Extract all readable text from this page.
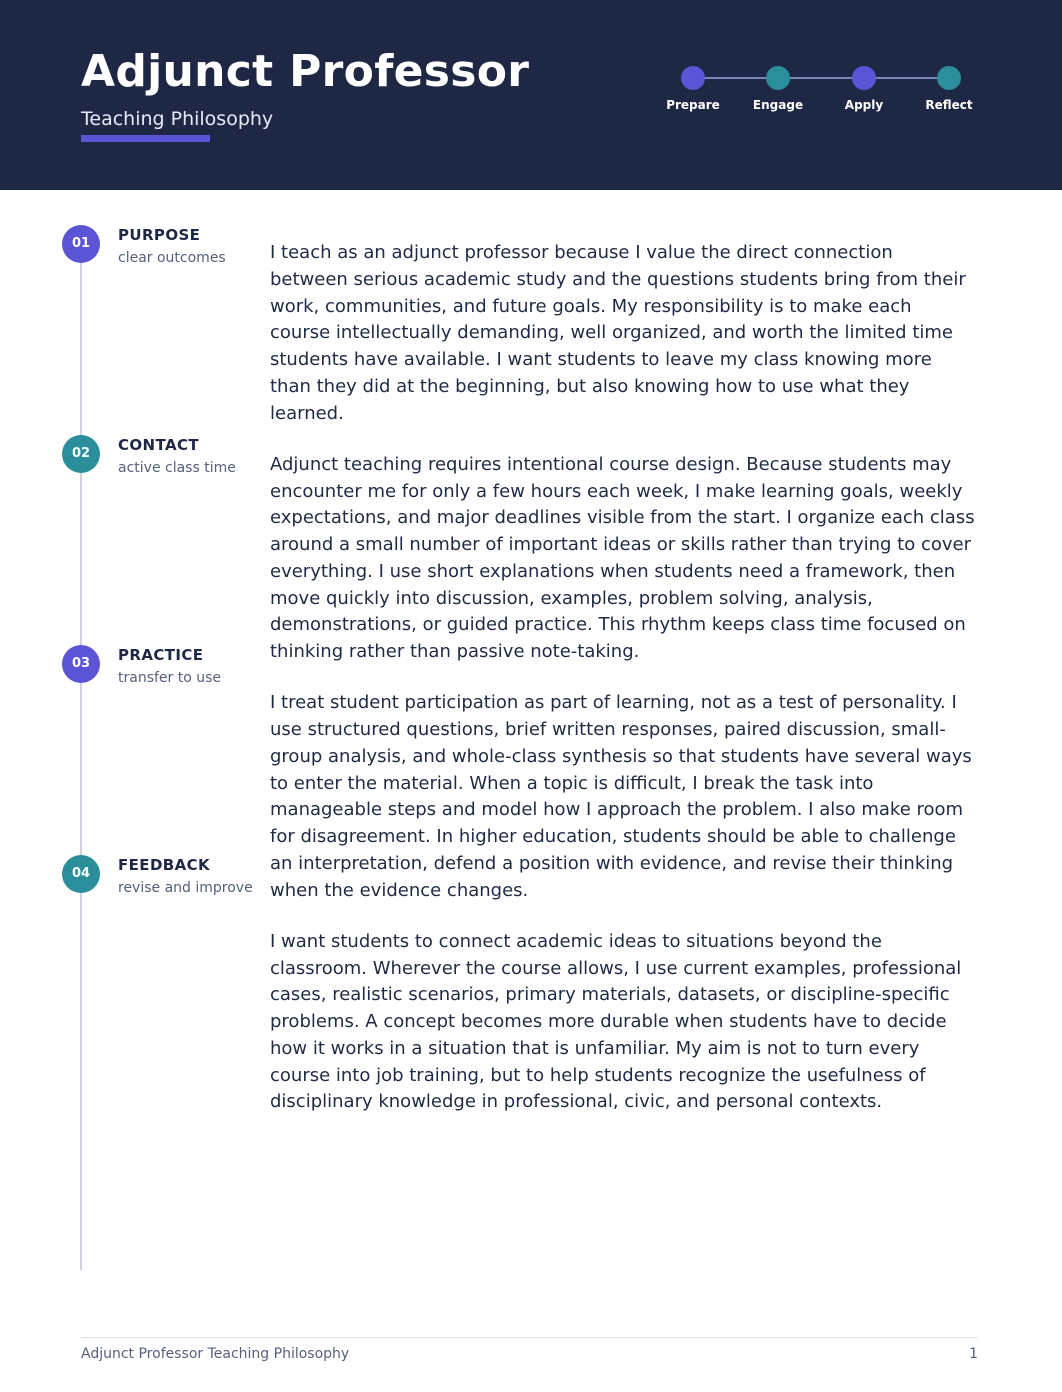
Adjunct Professor
Teaching Philosophy
Prepare	Engage	Apply	Reflect
01	PURPOSE
clear outcomes
02	CONTACT
active class time
03	PRACTICE
transfer to use
04	FEEDBACK
revise and improve

I teach as an adjunct professor because I value the direct connection between serious academic study and the questions students bring from their work, communities, and future goals. My responsibility is to make each course intellectually demanding, well organized, and worth the limited time students have available. I want students to leave my class knowing more than they did at the beginning, but also knowing how to use what they learned.

Adjunct teaching requires intentional course design. Because students may encounter me for only a few hours each week, I make learning goals, weekly expectations, and major deadlines visible from the start. I organize each class around a small number of important ideas or skills rather than trying to cover everything. I use short explanations when students need a framework, then move quickly into discussion, examples, problem solving, analysis, demonstrations, or guided practice. This rhythm keeps class time focused on thinking rather than passive note-taking.

I treat student participation as part of learning, not as a test of personality. I use structured questions, brief written responses, paired discussion, small-group analysis, and whole-class synthesis so that students have several ways to enter the material. When a topic is difficult, I break the task into manageable steps and model how I approach the problem. I also make room for disagreement. In higher education, students should be able to challenge an interpretation, defend a position with evidence, and revise their thinking when the evidence changes.

I want students to connect academic ideas to situations beyond the classroom. Wherever the course allows, I use current examples, professional cases, realistic scenarios, primary materials, datasets, or discipline-specific problems. A concept becomes more durable when students have to decide how it works in a situation that is unfamiliar. My aim is not to turn every course into job training, but to help students recognize the usefulness of disciplinary knowledge in professional, civic, and personal contexts.

Adjunct Professor Teaching Philosophy	1
